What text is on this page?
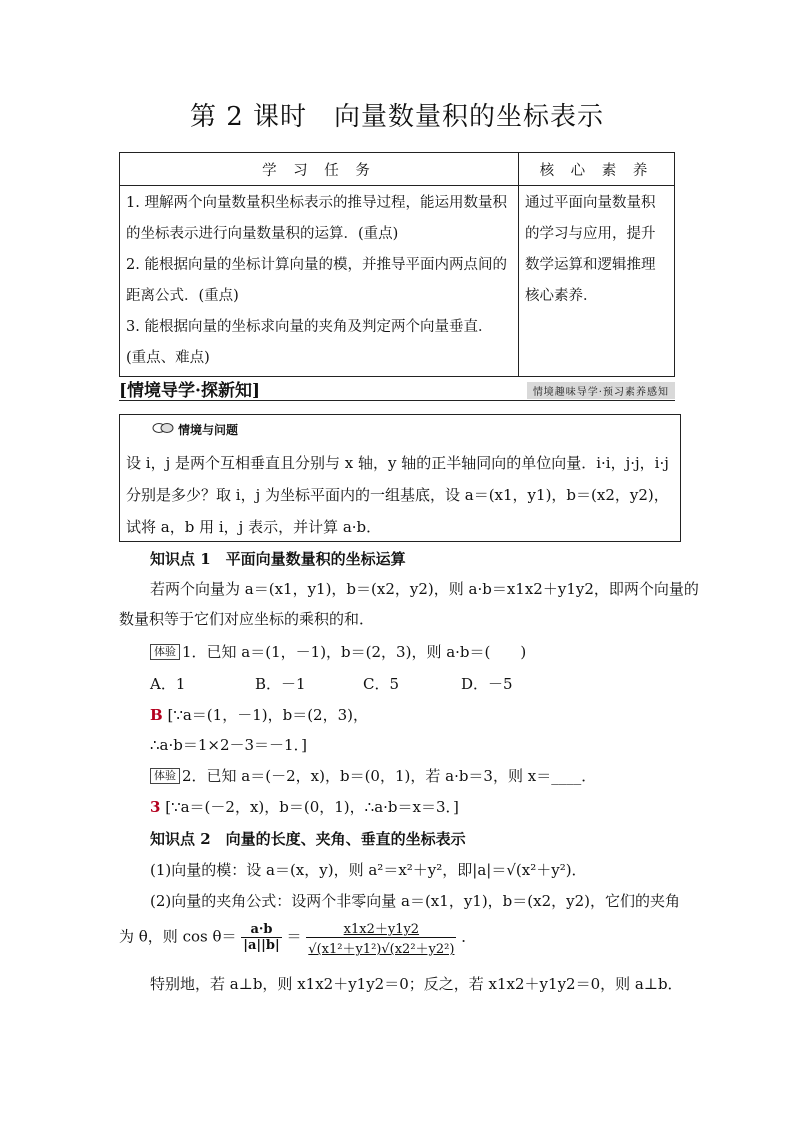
第 2 课时　向量数量积的坐标表示
学 习 任 务	核 心 素 养

1. 理解两个向量数量积坐标表示的推导过程，能运用数量积的坐标表示进行向量数量积的运算．(重点)
2. 能根据向量的坐标计算向量的模，并推导平面内两点间的距离公式．(重点)
3. 能根据向量的坐标求向量的夹角及判定两个向量垂直．(重点、难点)	通过平面向量数量积的学习与应用，提升数学运算和逻辑推理核心素养．
[情境导学·探新知]	情境趣味导学·预习素养感知
情境与问题
设 i，j 是两个互相垂直且分别与 x 轴，y 轴的正半轴同向的单位向量．i·i，j·j，i·j 分别是多少？取 i，j 为坐标平面内的一组基底，设 a＝(x1，y1)，b＝(x2，y2)，试将 a，b 用 i，j 表示，并计算 a·b．
知识点 1　平面向量数量积的坐标运算
若两个向量为 a＝(x1，y1)，b＝(x2，y2)，则 a·b＝x1x2＋y1y2，即两个向量的
数量积等于它们对应坐标的乘积的和．
体验 1．已知 a＝(1，－1)，b＝(2，3)，则 a·b＝(　　)
A．1	B．－1	C．5	D．－5
B [∵a＝(1，－1)，b＝(2，3)，
∴a·b＝1×2－3＝－1．]
体验 2．已知 a＝(－2，x)，b＝(0，1)，若 a·b＝3，则 x＝____．
3 [∵a＝(－2，x)，b＝(0，1)，∴a·b＝x＝3．]
知识点 2　向量的长度、夹角、垂直的坐标表示
(1)向量的模：设 a＝(x，y)，则 a²＝x²＋y²，即|a|＝√(x²＋y²)．
(2)向量的夹角公式：设两个非零向量 a＝(x1，y1)，b＝(x2，y2)，它们的夹角
为 θ，则 $\cos \theta= \frac{a\cdot b}{|a||b|} = \frac{x1x2+y1y2}{\text{√(x1²＋y1²)√(x2²＋y2²)}}$ ．
特别地，若 a⊥b，则 x1x2＋y1y2＝0；反之，若 x1x2＋y1y2＝0，则 a⊥b．
